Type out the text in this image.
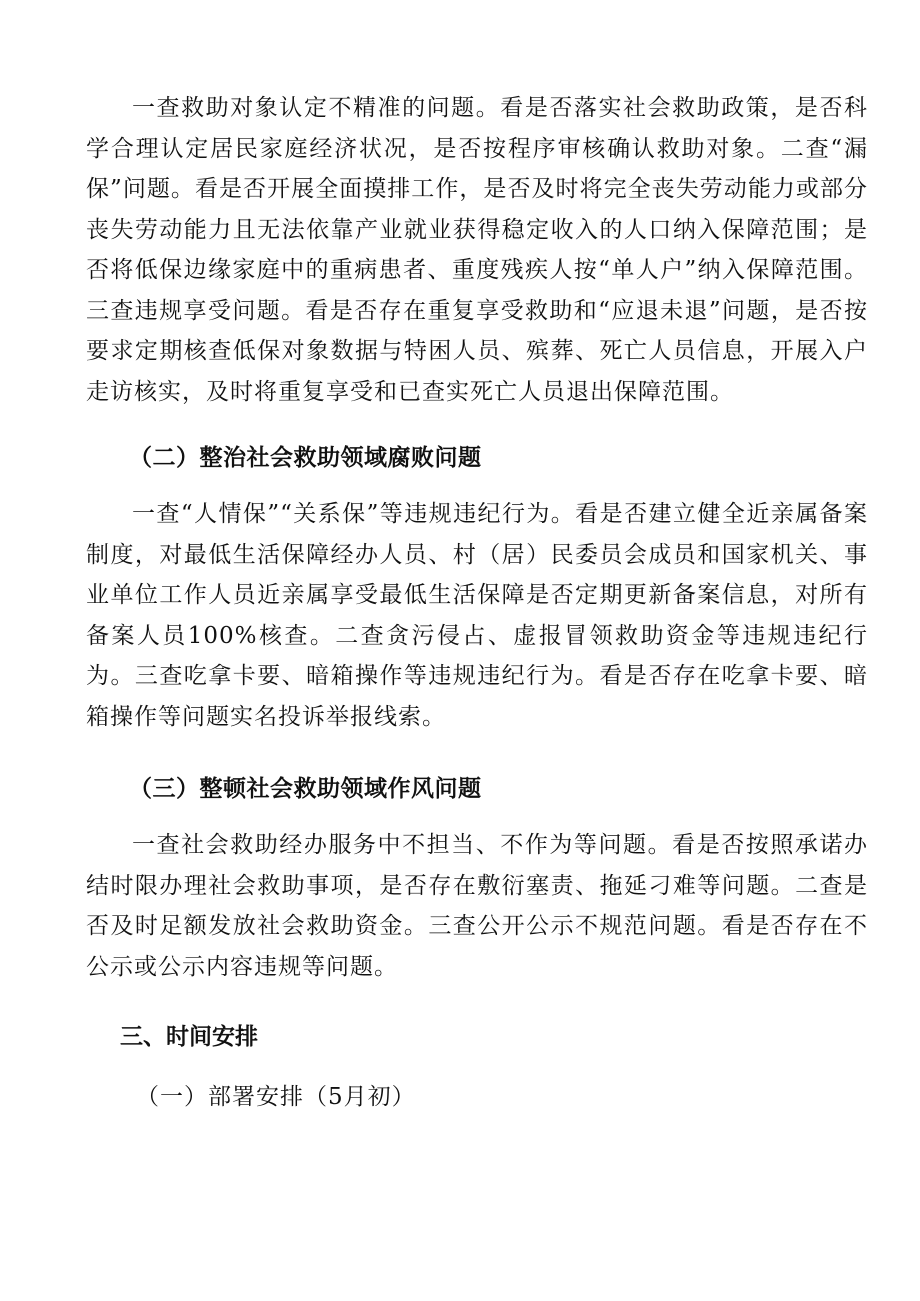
一查救助对象认定不精准的问题。看是否落实社会救助政策，是否科学合理认定居民家庭经济状况，是否按程序审核确认救助对象。二查“漏保”问题。看是否开展全面摸排工作，是否及时将完全丧失劳动能力或部分丧失劳动能力且无法依靠产业就业获得稳定收入的人口纳入保障范围；是否将低保边缘家庭中的重病患者、重度残疾人按“单人户”纳入保障范围。三查违规享受问题。看是否存在重复享受救助和“应退未退”问题，是否按要求定期核查低保对象数据与特困人员、殡葬、死亡人员信息，开展入户走访核实，及时将重复享受和已查实死亡人员退出保障范围。

（二）整治社会救助领域腐败问题

一查“人情保”“关系保”等违规违纪行为。看是否建立健全近亲属备案制度，对最低生活保障经办人员、村（居）民委员会成员和国家机关、事业单位工作人员近亲属享受最低生活保障是否定期更新备案信息，对所有备案人员100%核查。二查贪污侵占、虚报冒领救助资金等违规违纪行为。三查吃拿卡要、暗箱操作等违规违纪行为。看是否存在吃拿卡要、暗箱操作等问题实名投诉举报线索。

（三）整顿社会救助领域作风问题

一查社会救助经办服务中不担当、不作为等问题。看是否按照承诺办结时限办理社会救助事项，是否存在敷衍塞责、拖延刁难等问题。二查是否及时足额发放社会救助资金。三查公开公示不规范问题。看是否存在不公示或公示内容违规等问题。

三、时间安排

（一）部署安排（5月初）
